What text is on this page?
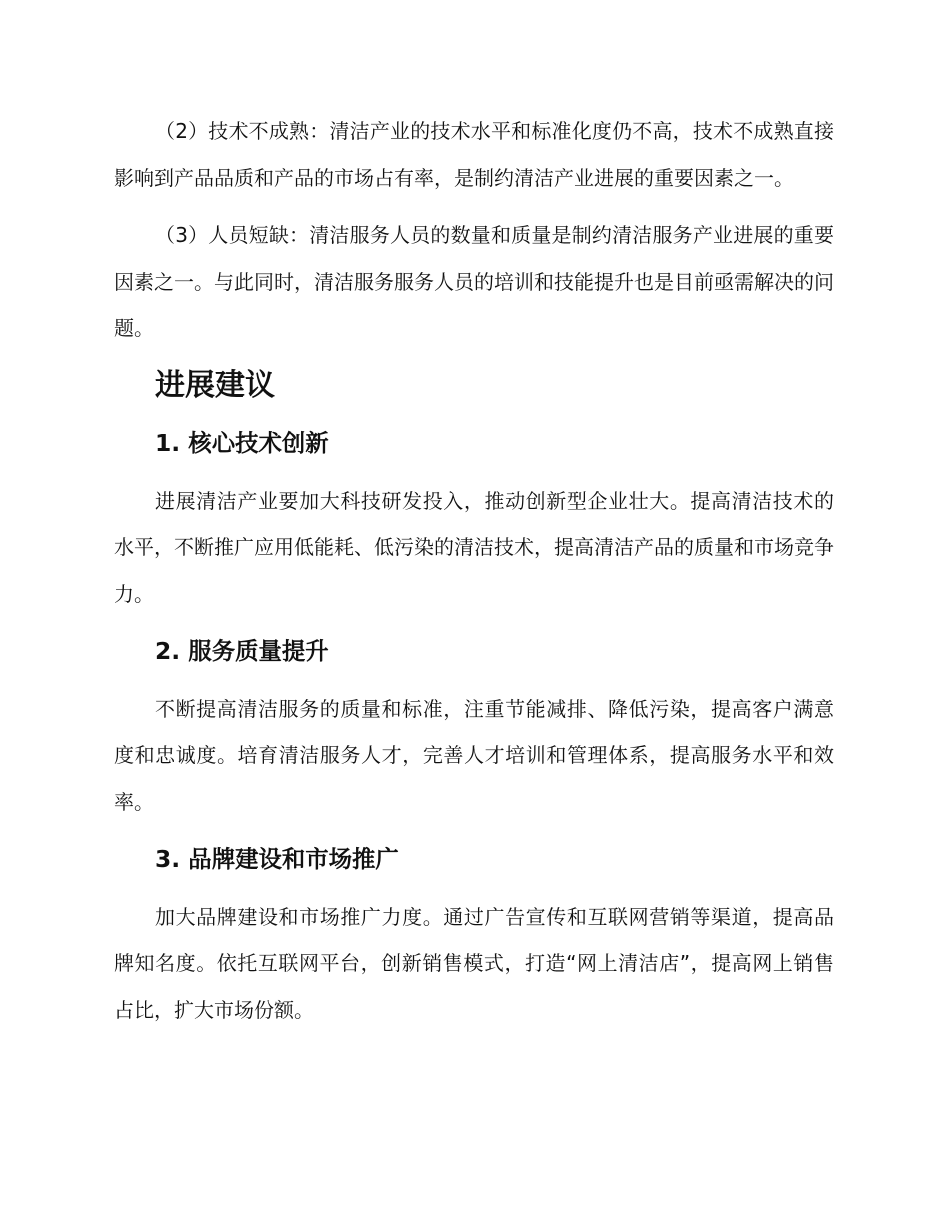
（2）技术不成熟：清洁产业的技术水平和标准化度仍不高，技术不成熟直接影响到产品品质和产品的市场占有率，是制约清洁产业进展的重要因素之一。

（3）人员短缺：清洁服务人员的数量和质量是制约清洁服务产业进展的重要因素之一。与此同时，清洁服务服务人员的培训和技能提升也是目前亟需解决的问题。

进展建议
1. 核心技术创新

进展清洁产业要加大科技研发投入，推动创新型企业壮大。提高清洁技术的水平，不断推广应用低能耗、低污染的清洁技术，提高清洁产品的质量和市场竞争力。

2. 服务质量提升

不断提高清洁服务的质量和标准，注重节能减排、降低污染，提高客户满意度和忠诚度。培育清洁服务人才，完善人才培训和管理体系，提高服务水平和效率。

3. 品牌建设和市场推广

加大品牌建设和市场推广力度。通过广告宣传和互联网营销等渠道，提高品牌知名度。依托互联网平台，创新销售模式，打造“网上清洁店”，提高网上销售占比，扩大市场份额。
